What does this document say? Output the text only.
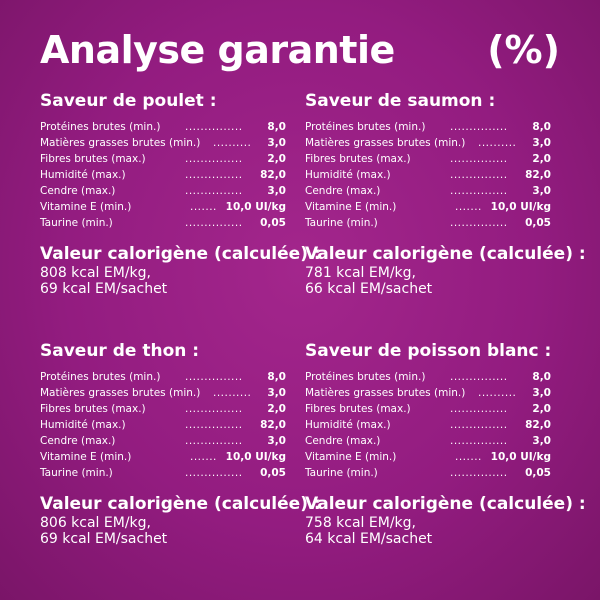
Analyse garantie (%)
Saveur de poulet :
Protéines brutes (min.) ............... 8,0
Matières grasses brutes (min.) .......... 3,0
Fibres brutes (max.)	............... 2,0
Humidité (max.)	............... 82,0
Cendre (max.)	............... 3,0
Vitamine E (min.)	....... 10,0 UI/kg
Taurine (min.)	............... 0,05
Valeur calorigène (calculée) :
808 kcal EM/kg,
69 kcal EM/sachet
Saveur de saumon :
Protéines brutes (min.) ............... 8,0
Matières grasses brutes (min.) .......... 3,0
Fibres brutes (max.)	............... 2,0
Humidité (max.)	............... 82,0
Cendre (max.)	............... 3,0
Vitamine E (min.)	....... 10,0 UI/kg
Taurine (min.)	............... 0,05
Valeur calorigène (calculée) :
781 kcal EM/kg,
66 kcal EM/sachet
Saveur de thon :
Protéines brutes (min.) ............... 8,0
Matières grasses brutes (min.) .......... 3,0
Fibres brutes (max.)	............... 2,0
Humidité (max.)	............... 82,0
Cendre (max.)	............... 3,0
Vitamine E (min.)	....... 10,0 UI/kg
Taurine (min.)	............... 0,05
Valeur calorigène (calculée) :
806 kcal EM/kg,
69 kcal EM/sachet
Saveur de poisson blanc :
Protéines brutes (min.) ............... 8,0
Matières grasses brutes (min.) .......... 3,0
Fibres brutes (max.)	............... 2,0
Humidité (max.)	............... 82,0
Cendre (max.)	............... 3,0
Vitamine E (min.)	....... 10,0 UI/kg
Taurine (min.)	............... 0,05
Valeur calorigène (calculée) :
758 kcal EM/kg,
64 kcal EM/sachet
